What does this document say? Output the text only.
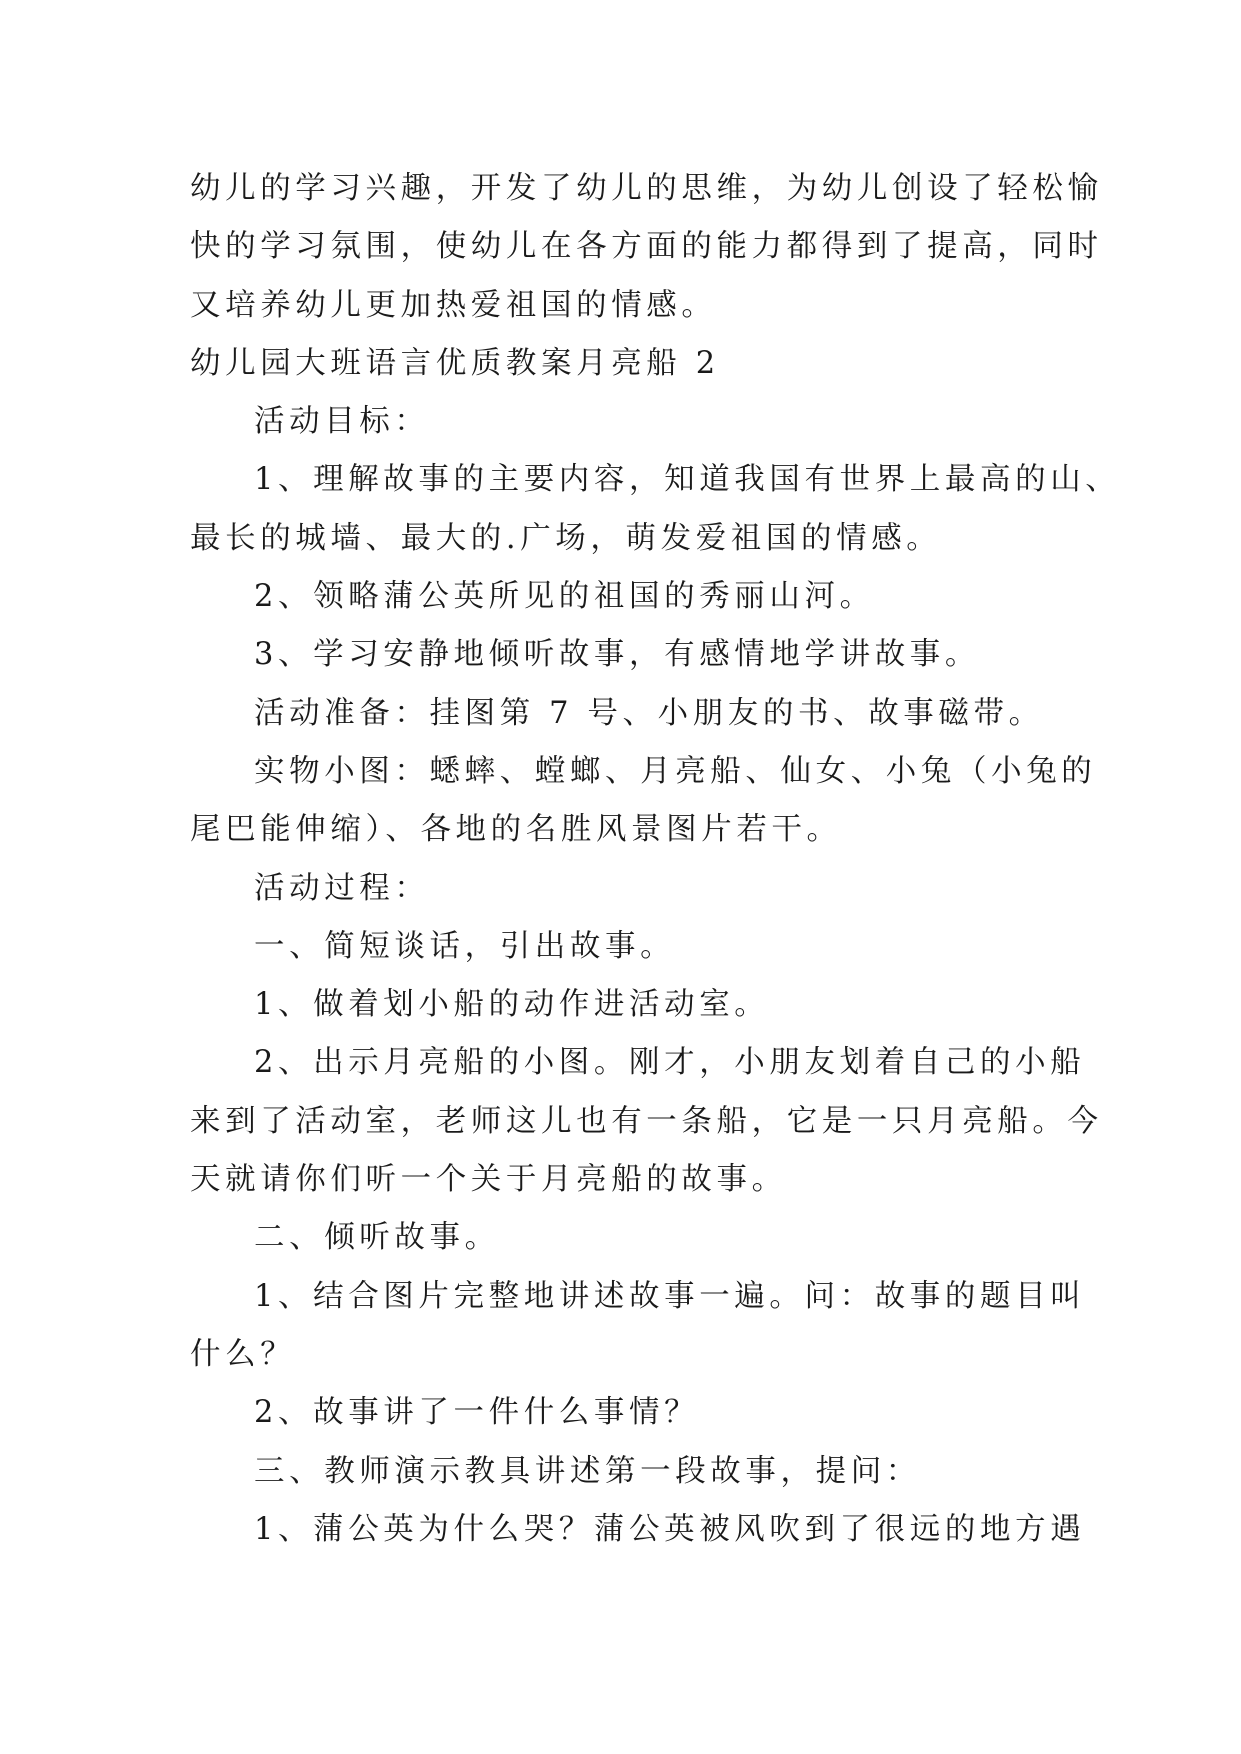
幼儿的学习兴趣，开发了幼儿的思维，为幼儿创设了轻松愉
快的学习氛围，使幼儿在各方面的能力都得到了提高，同时
又培养幼儿更加热爱祖国的情感。
幼儿园大班语言优质教案月亮船 2
活动目标：
1、理解故事的主要内容，知道我国有世界上最高的山、
最长的城墙、最大的.广场，萌发爱祖国的情感。
2、领略蒲公英所见的祖国的秀丽山河。
3、学习安静地倾听故事，有感情地学讲故事。
活动准备：挂图第 7 号、小朋友的书、故事磁带。
实物小图：蟋蟀、螳螂、月亮船、仙女、小兔（小兔的
尾巴能伸缩）、各地的名胜风景图片若干。
活动过程：
一、简短谈话，引出故事。
1、做着划小船的动作进活动室。
2、出示月亮船的小图。刚才，小朋友划着自己的小船
来到了活动室，老师这儿也有一条船，它是一只月亮船。今
天就请你们听一个关于月亮船的故事。
二、倾听故事。
1、结合图片完整地讲述故事一遍。问：故事的题目叫
什么？
2、故事讲了一件什么事情？
三、教师演示教具讲述第一段故事，提问：
1、蒲公英为什么哭？蒲公英被风吹到了很远的地方遇
